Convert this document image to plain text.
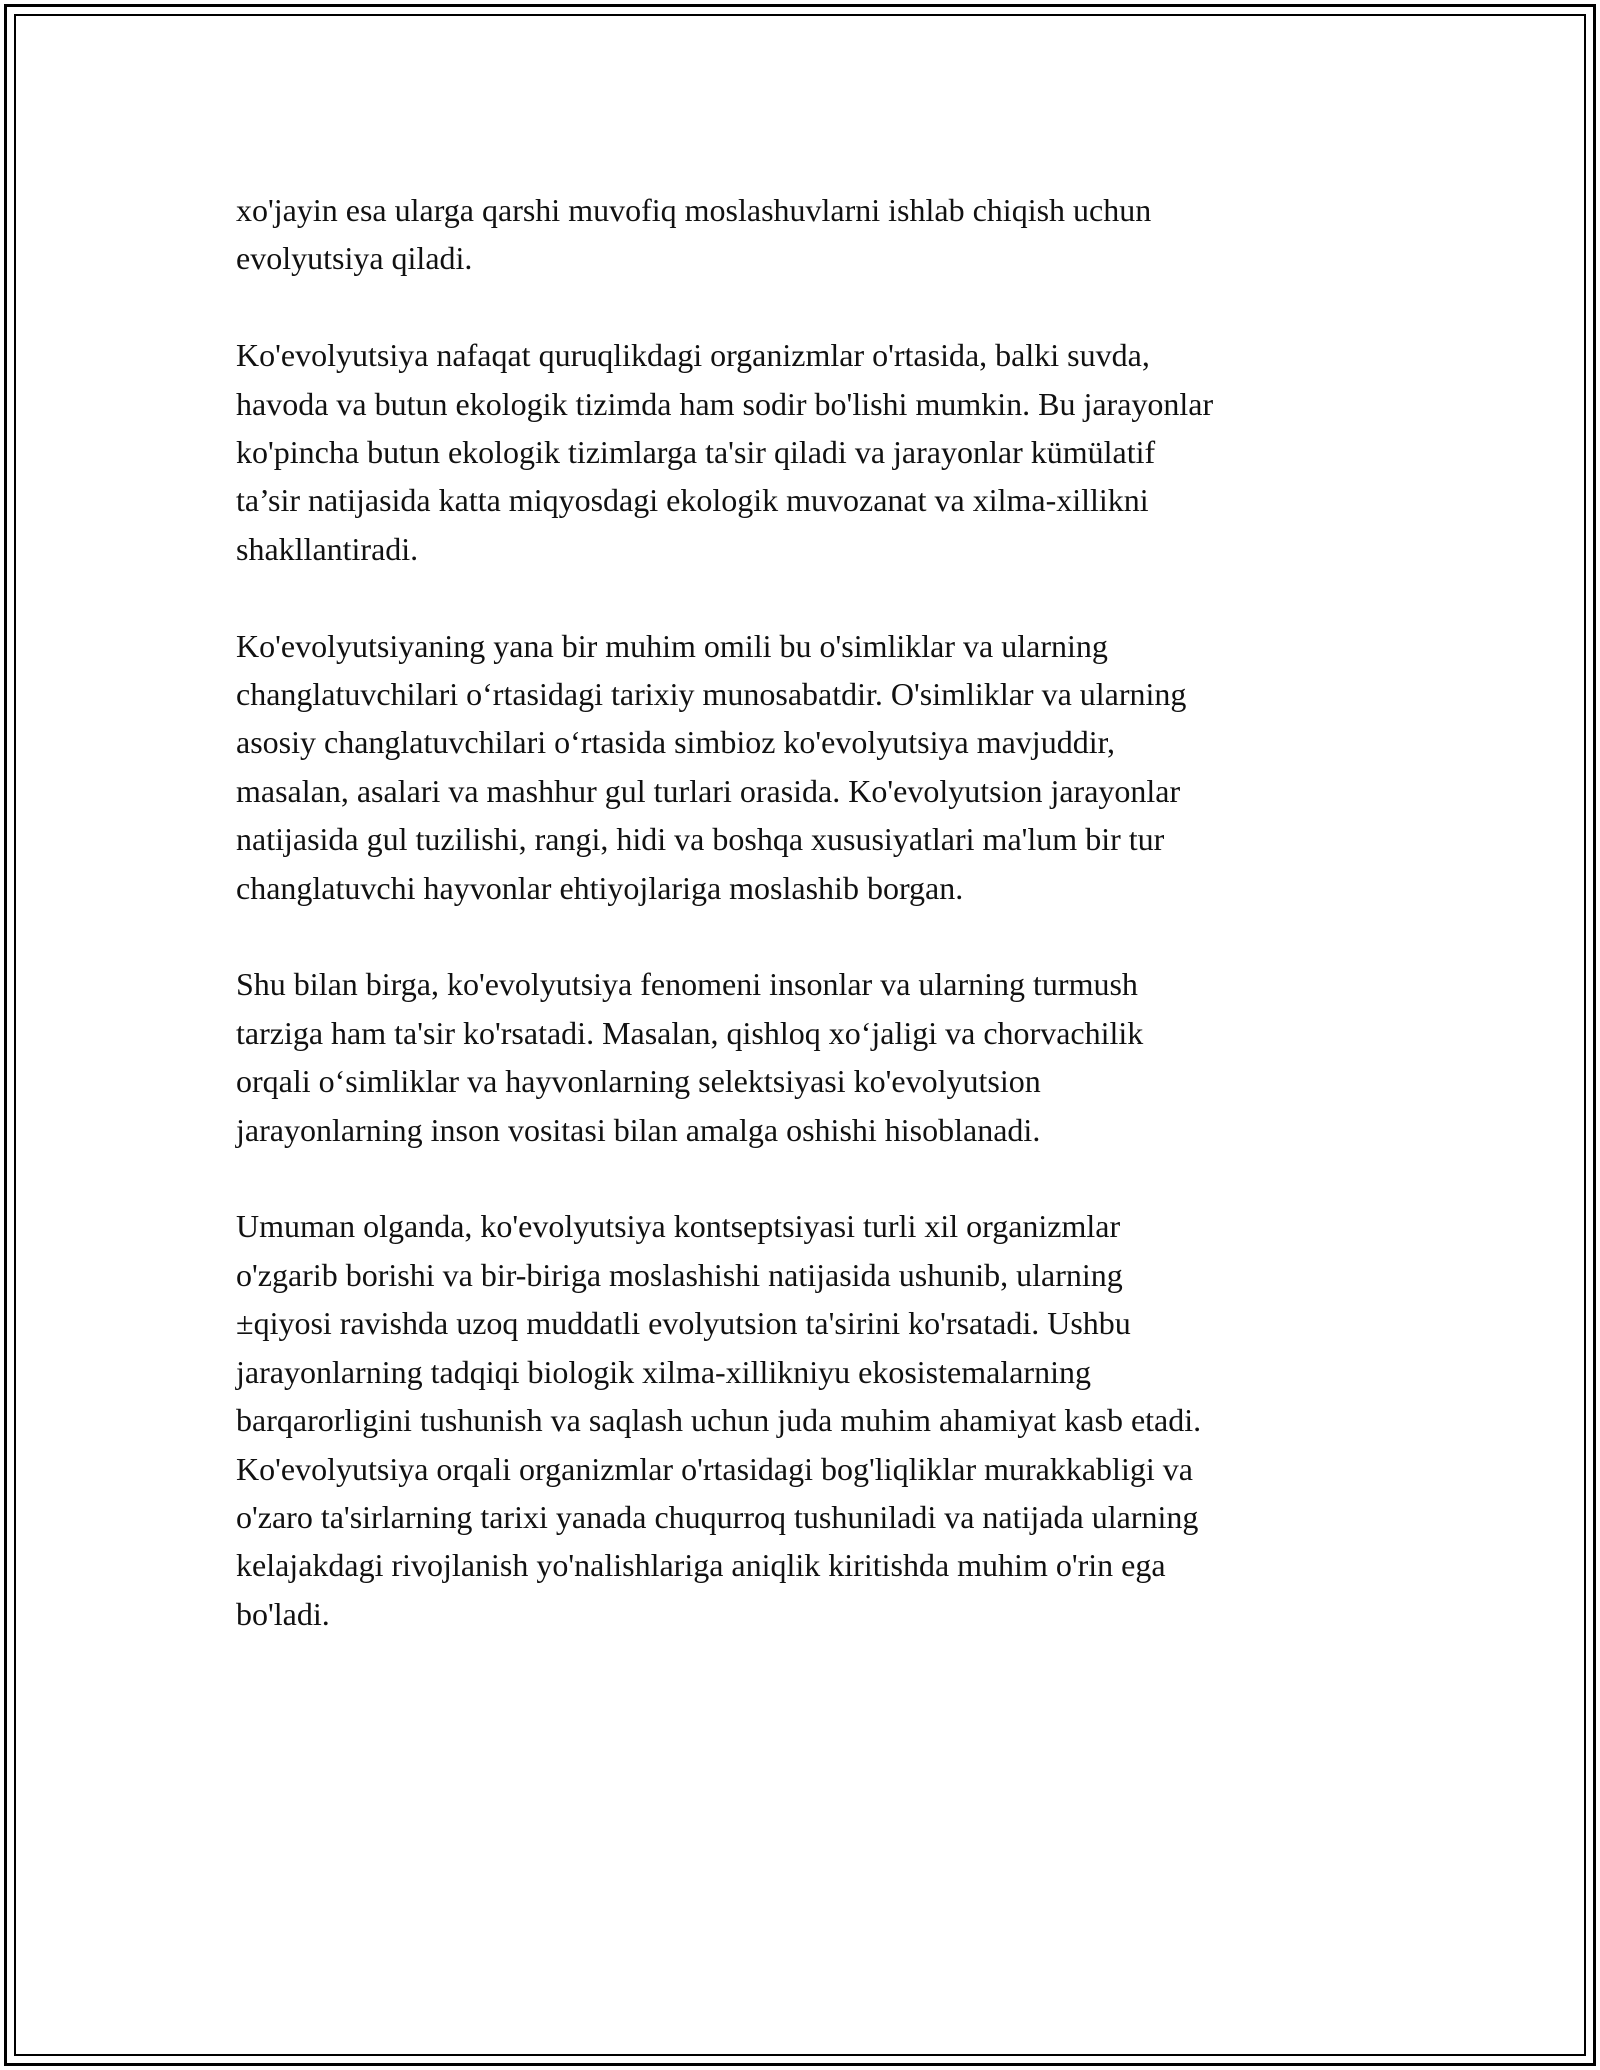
xo'jayin esa ularga qarshi muvofiq moslashuvlarni ishlab chiqish uchun
evolyutsiya qiladi.

Ko'evolyutsiya nafaqat quruqlikdagi organizmlar o'rtasida, balki suvda,
havoda va butun ekologik tizimda ham sodir bo'lishi mumkin. Bu jarayonlar
ko'pincha butun ekologik tizimlarga ta'sir qiladi va jarayonlar kümülatif
ta’sir natijasida katta miqyosdagi ekologik muvozanat va xilma-xillikni
shakllantiradi.

Ko'evolyutsiyaning yana bir muhim omili bu o'simliklar va ularning
changlatuvchilari o‘rtasidagi tarixiy munosabatdir. O'simliklar va ularning
asosiy changlatuvchilari o‘rtasida simbioz ko'evolyutsiya mavjuddir,
masalan, asalari va mashhur gul turlari orasida. Ko'evolyutsion jarayonlar
natijasida gul tuzilishi, rangi, hidi va boshqa xususiyatlari ma'lum bir tur
changlatuvchi hayvonlar ehtiyojlariga moslashib borgan.

Shu bilan birga, ko'evolyutsiya fenomeni insonlar va ularning turmush
tarziga ham ta'sir ko'rsatadi. Masalan, qishloq xo‘jaligi va chorvachilik
orqali o‘simliklar va hayvonlarning selektsiyasi ko'evolyutsion
jarayonlarning inson vositasi bilan amalga oshishi hisoblanadi.

Umuman olganda, ko'evolyutsiya kontseptsiyasi turli xil organizmlar
o'zgarib borishi va bir-biriga moslashishi natijasida ushunib, ularning
±qiyosi ravishda uzoq muddatli evolyutsion ta'sirini ko'rsatadi. Ushbu
jarayonlarning tadqiqi biologik xilma-xillikniyu ekosistemalarning
barqarorligini tushunish va saqlash uchun juda muhim ahamiyat kasb etadi.
Ko'evolyutsiya orqali organizmlar o'rtasidagi bog'liqliklar murakkabligi va
o'zaro ta'sirlarning tarixi yanada chuqurroq tushuniladi va natijada ularning
kelajakdagi rivojlanish yo'nalishlariga aniqlik kiritishda muhim o'rin ega
bo'ladi.
